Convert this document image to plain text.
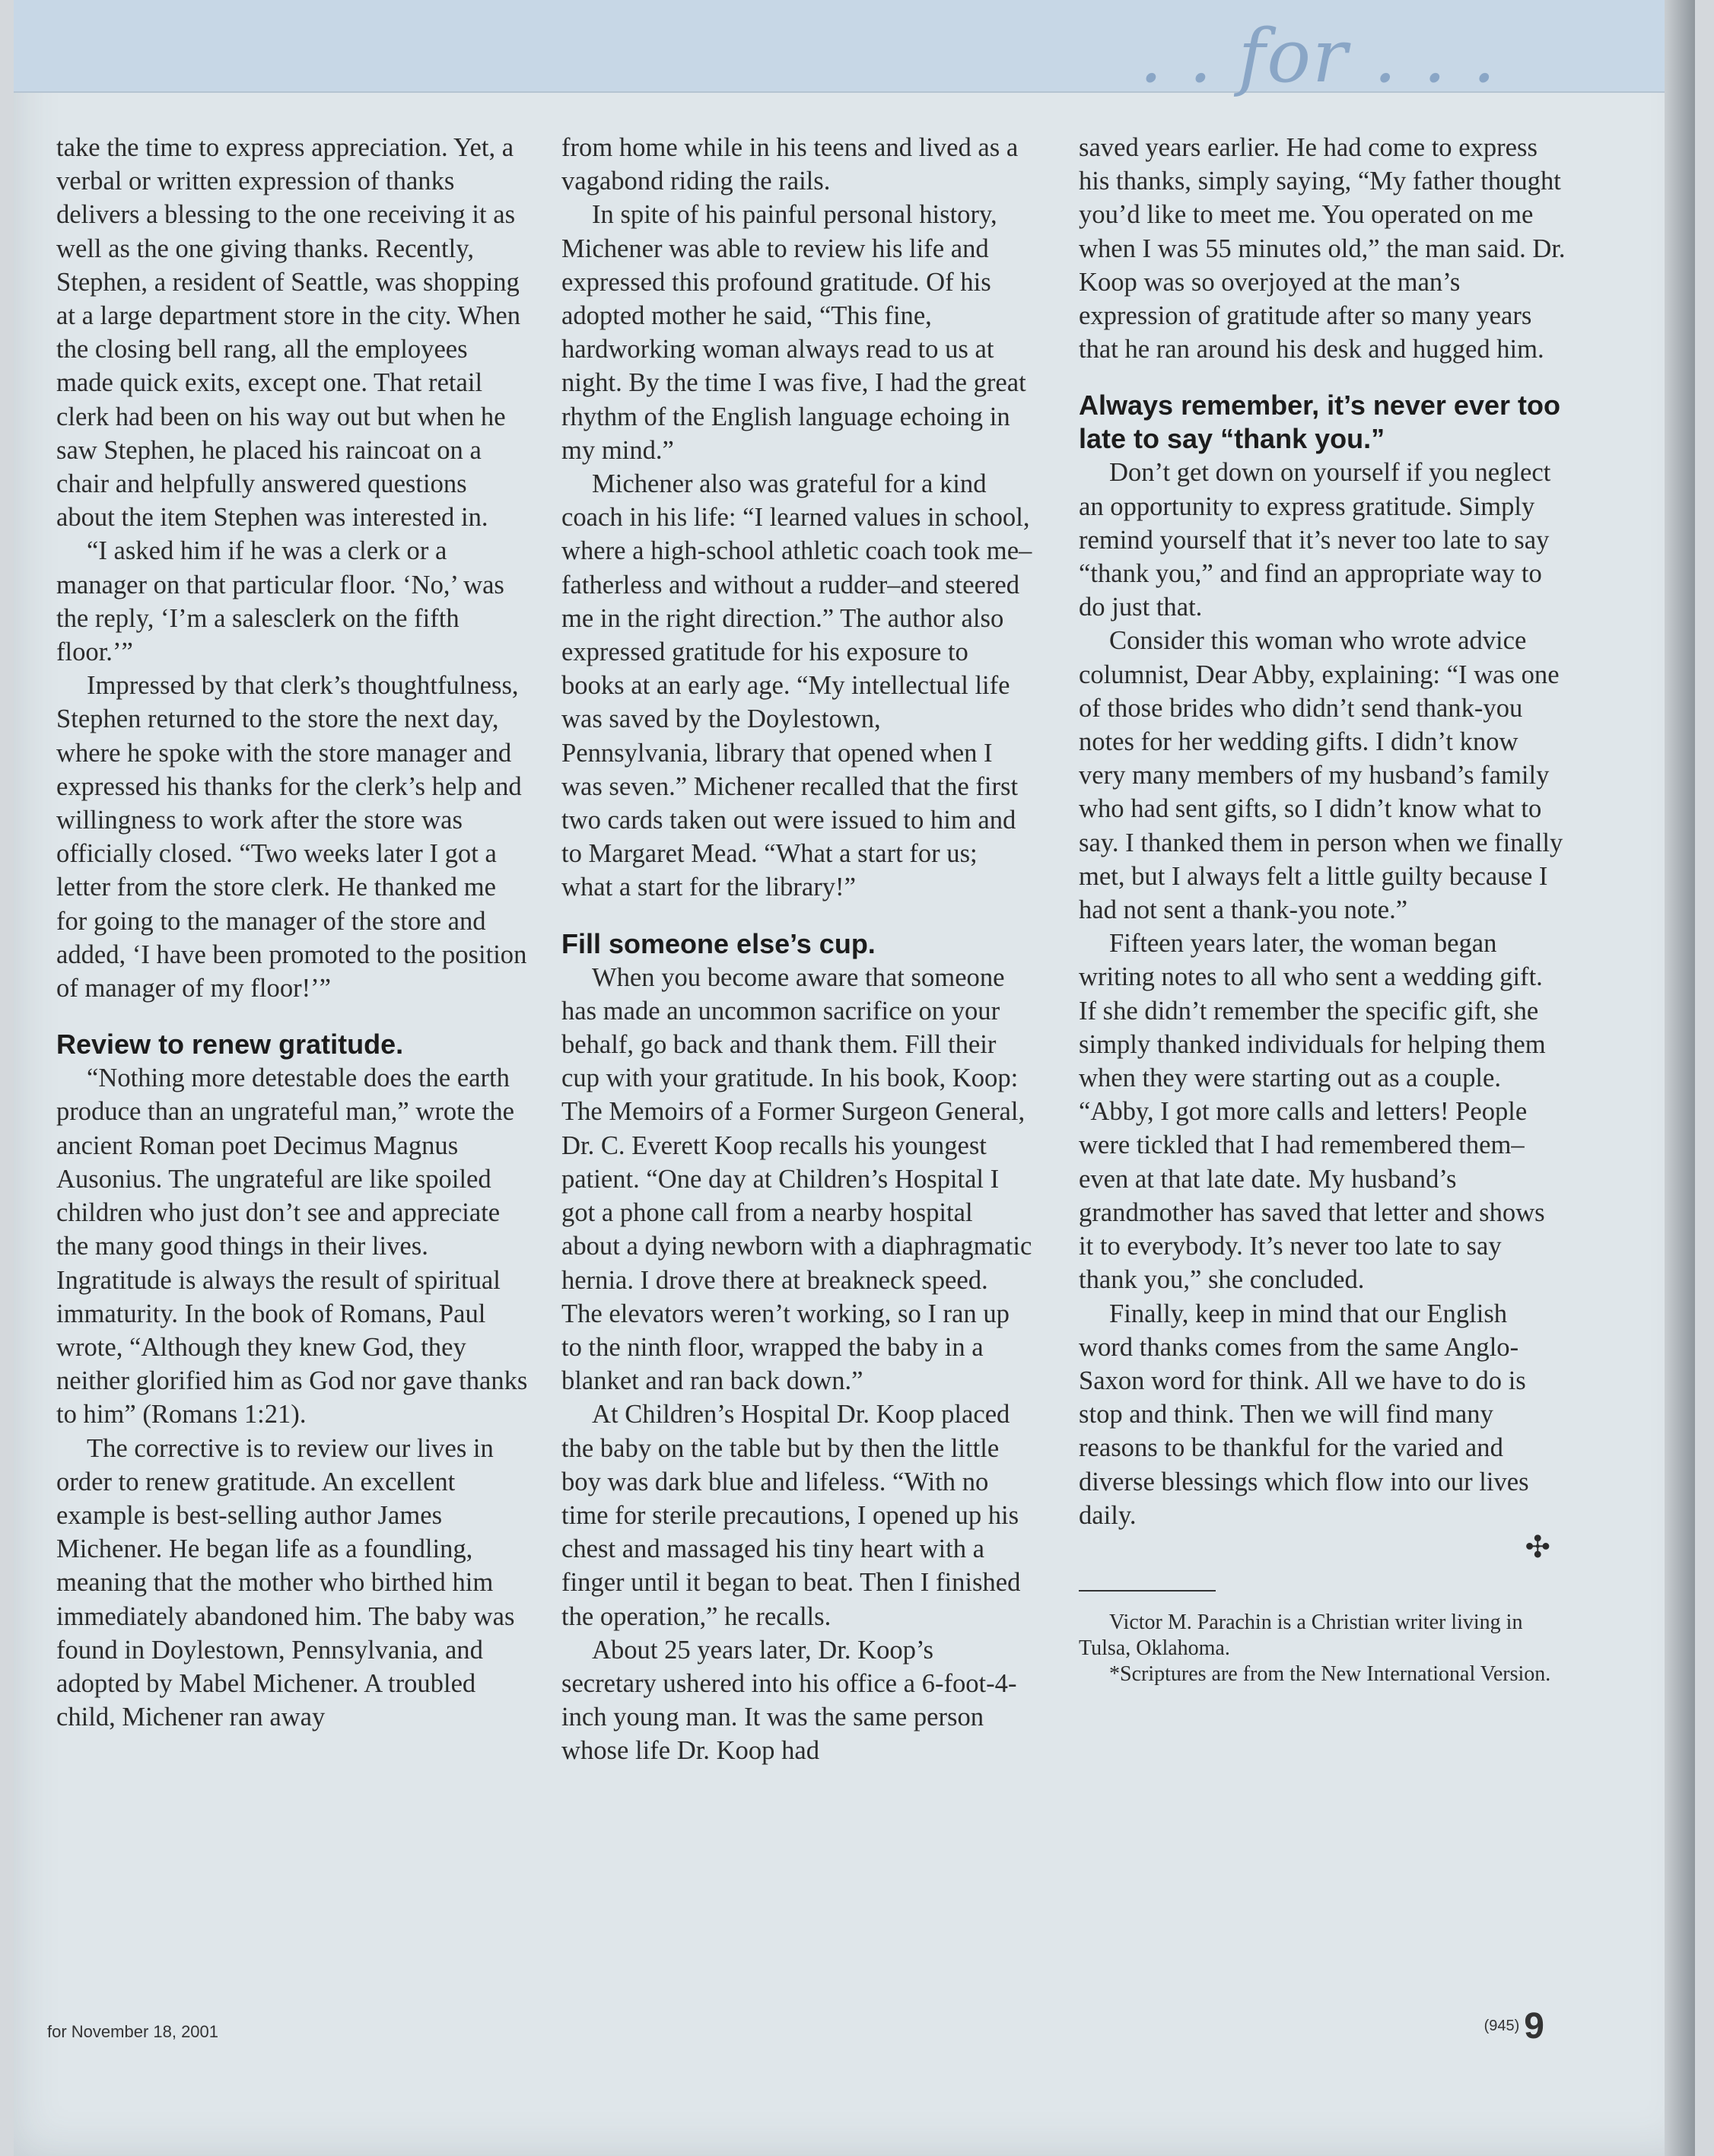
. . for . . .

take the time to express appreciation. Yet, a verbal or written expression of thanks delivers a blessing to the one receiving it as well as the one giving thanks. Recently, Stephen, a resident of Seattle, was shopping at a large department store in the city. When the closing bell rang, all the employees made quick exits, except one. That retail clerk had been on his way out but when he saw Stephen, he placed his raincoat on a chair and helpfully answered questions about the item Stephen was interested in.

“I asked him if he was a clerk or a manager on that particular floor. ‘No,’ was the reply, ‘I’m a salesclerk on the fifth floor.’”

Impressed by that clerk’s thoughtfulness, Stephen returned to the store the next day, where he spoke with the store manager and expressed his thanks for the clerk’s help and willingness to work after the store was officially closed. “Two weeks later I got a letter from the store clerk. He thanked me for going to the manager of the store and added, ‘I have been promoted to the position of manager of my floor!’”

Review to renew gratitude.

“Nothing more detestable does the earth produce than an ungrateful man,” wrote the ancient Roman poet Decimus Magnus Ausonius. The ungrateful are like spoiled children who just don’t see and appreciate the many good things in their lives. Ingratitude is always the result of spiritual immaturity. In the book of Romans, Paul wrote, “Although they knew God, they neither glorified him as God nor gave thanks to him” (Romans 1:21).

The corrective is to review our lives in order to renew gratitude. An excellent example is best-selling author James Michener. He began life as a foundling, meaning that the mother who birthed him immediately abandoned him. The baby was found in Doylestown, Pennsylvania, and adopted by Mabel Michener. A troubled child, Michener ran away

from home while in his teens and lived as a vagabond riding the rails.

In spite of his painful personal history, Michener was able to review his life and expressed this profound gratitude. Of his adopted mother he said, “This fine, hardworking woman always read to us at night. By the time I was five, I had the great rhythm of the English language echoing in my mind.”

Michener also was grateful for a kind coach in his life: “I learned values in school, where a high-school athletic coach took me–fatherless and without a rudder–and steered me in the right direction.” The author also expressed gratitude for his exposure to books at an early age. “My intellectual life was saved by the Doylestown, Pennsylvania, library that opened when I was seven.” Michener recalled that the first two cards taken out were issued to him and to Margaret Mead. “What a start for us; what a start for the library!”

Fill someone else’s cup.

When you become aware that someone has made an uncommon sacrifice on your behalf, go back and thank them. Fill their cup with your gratitude. In his book, Koop: The Memoirs of a Former Surgeon General, Dr. C. Everett Koop recalls his youngest patient. “One day at Children’s Hospital I got a phone call from a nearby hospital about a dying newborn with a diaphragmatic hernia. I drove there at breakneck speed. The elevators weren’t working, so I ran up to the ninth floor, wrapped the baby in a blanket and ran back down.”

At Children’s Hospital Dr. Koop placed the baby on the table but by then the little boy was dark blue and lifeless. “With no time for sterile precautions, I opened up his chest and massaged his tiny heart with a finger until it began to beat. Then I finished the operation,” he recalls.

About 25 years later, Dr. Koop’s secretary ushered into his office a 6-foot-4-inch young man. It was the same person whose life Dr. Koop had

saved years earlier. He had come to express his thanks, simply saying, “My father thought you’d like to meet me. You operated on me when I was 55 minutes old,” the man said. Dr. Koop was so overjoyed at the man’s expression of gratitude after so many years that he ran around his desk and hugged him.

Always remember, it’s never ever too late to say “thank you.”

Don’t get down on yourself if you neglect an opportunity to express gratitude. Simply remind yourself that it’s never too late to say “thank you,” and find an appropriate way to do just that.

Consider this woman who wrote advice columnist, Dear Abby, explaining: “I was one of those brides who didn’t send thank-you notes for her wedding gifts. I didn’t know very many members of my husband’s family who had sent gifts, so I didn’t know what to say. I thanked them in person when we finally met, but I always felt a little guilty because I had not sent a thank-you note.”

Fifteen years later, the woman began writing notes to all who sent a wedding gift. If she didn’t remember the specific gift, she simply thanked individuals for helping them when they were starting out as a couple. “Abby, I got more calls and letters! People were tickled that I had remembered them–even at that late date. My husband’s grandmother has saved that letter and shows it to everybody. It’s never too late to say thank you,” she concluded.

Finally, keep in mind that our English word thanks comes from the same Anglo-Saxon word for think. All we have to do is stop and think. Then we will find many reasons to be thankful for the varied and diverse blessings which flow into our lives daily.

✣

Victor M. Parachin is a Christian writer living in Tulsa, Oklahoma.

*Scriptures are from the New International Version.

for November 18, 2001	(945) 9
